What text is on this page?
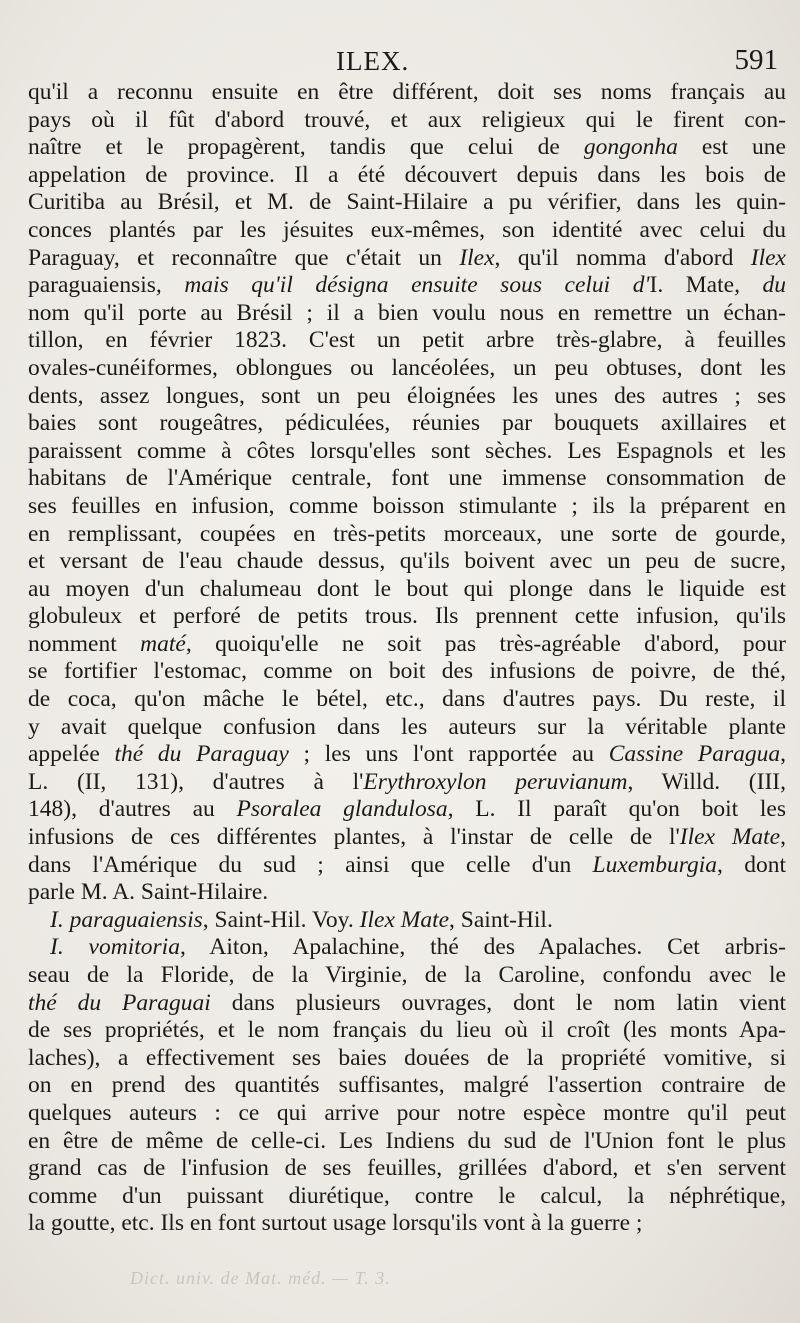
ILEX.	591
qu'il a reconnu ensuite en être différent, doit ses noms français au
pays où il fût d'abord trouvé, et aux religieux qui le firent con-
naître et le propagèrent, tandis que celui de gongonha est une
appelation de province. Il a été découvert depuis dans les bois de
Curitiba au Brésil, et M. de Saint-Hilaire a pu vérifier, dans les quin-
conces plantés par les jésuites eux-mêmes, son identité avec celui du
Paraguay, et reconnaître que c'était un Ilex, qu'il nomma d'abord Ilex
paraguaiensis, mais qu'il désigna ensuite sous celui d'I. Mate, du
nom qu'il porte au Brésil ; il a bien voulu nous en remettre un échan-
tillon, en février 1823. C'est un petit arbre très-glabre, à feuilles
ovales-cunéiformes, oblongues ou lancéolées, un peu obtuses, dont les
dents, assez longues, sont un peu éloignées les unes des autres ; ses
baies sont rougeâtres, pédiculées, réunies par bouquets axillaires et
paraissent comme à côtes lorsqu'elles sont sèches. Les Espagnols et les
habitans de l'Amérique centrale, font une immense consommation de
ses feuilles en infusion, comme boisson stimulante ; ils la préparent en
en remplissant, coupées en très-petits morceaux, une sorte de gourde,
et versant de l'eau chaude dessus, qu'ils boivent avec un peu de sucre,
au moyen d'un chalumeau dont le bout qui plonge dans le liquide est
globuleux et perforé de petits trous. Ils prennent cette infusion, qu'ils
nomment maté, quoiqu'elle ne soit pas très-agréable d'abord, pour
se fortifier l'estomac, comme on boit des infusions de poivre, de thé,
de coca, qu'on mâche le bétel, etc., dans d'autres pays. Du reste, il
y avait quelque confusion dans les auteurs sur la véritable plante
appelée thé du Paraguay ; les uns l'ont rapportée au Cassine Paragua,
L. (II, 131), d'autres à l'Erythroxylon peruvianum, Willd. (III,
148), d'autres au Psoralea glandulosa, L. Il paraît qu'on boit les
infusions de ces différentes plantes, à l'instar de celle de l'Ilex Mate,
dans l'Amérique du sud ; ainsi que celle d'un Luxemburgia, dont
parle M. A. Saint-Hilaire.
I. paraguaiensis, Saint-Hil. Voy. Ilex Mate, Saint-Hil.
I. vomitoria, Aiton, Apalachine, thé des Apalaches. Cet arbris-
seau de la Floride, de la Virginie, de la Caroline, confondu avec le
thé du Paraguai dans plusieurs ouvrages, dont le nom latin vient
de ses propriétés, et le nom français du lieu où il croît (les monts Apa-
laches), a effectivement ses baies douées de la propriété vomitive, si
on en prend des quantités suffisantes, malgré l'assertion contraire de
quelques auteurs : ce qui arrive pour notre espèce montre qu'il peut
en être de même de celle-ci. Les Indiens du sud de l'Union font le plus
grand cas de l'infusion de ses feuilles, grillées d'abord, et s'en servent
comme d'un puissant diurétique, contre le calcul, la néphrétique,
la goutte, etc. Ils en font surtout usage lorsqu'ils vont à la guerre ;
Dict. univ. de Mat. méd. — T. 3.
